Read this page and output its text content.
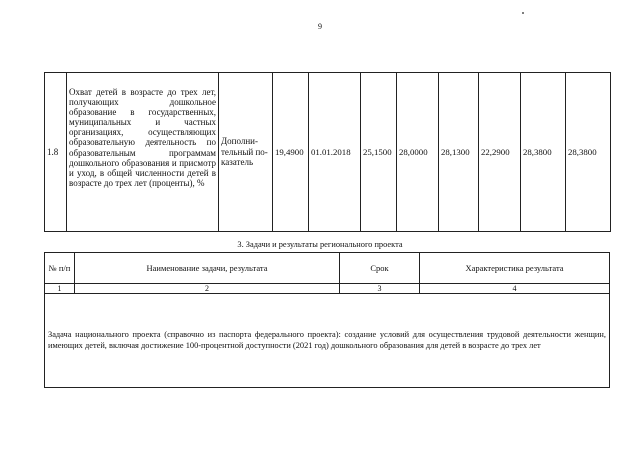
9
1.8	Охват детей в возрасте до трех лет, получающих дошкольное образование в государственных, муниципальных и частных организациях, осуществляющих образовательную деятельность по образовательным программам дошкольного образования и присмотр и уход, в общей численности детей в возрасте до трех лет (проценты), %	Дополни-тельный по-казатель	19,4900	01.01.2018	25,1500	28,0000	28,1300	22,2900	28,3800	28,3800
3. Задачи и результаты регионального проекта
№ п/п	Наименование задачи, результата	Срок	Характеристика результата
1	2	3	4
Задача национального проекта (справочно из паспорта федерального проекта): создание условий для осуществления трудовой деятельности женщин, имеющих детей, включая достижение 100-процентной доступности (2021 год) дошкольного образования для детей в возрасте до трех лет			
